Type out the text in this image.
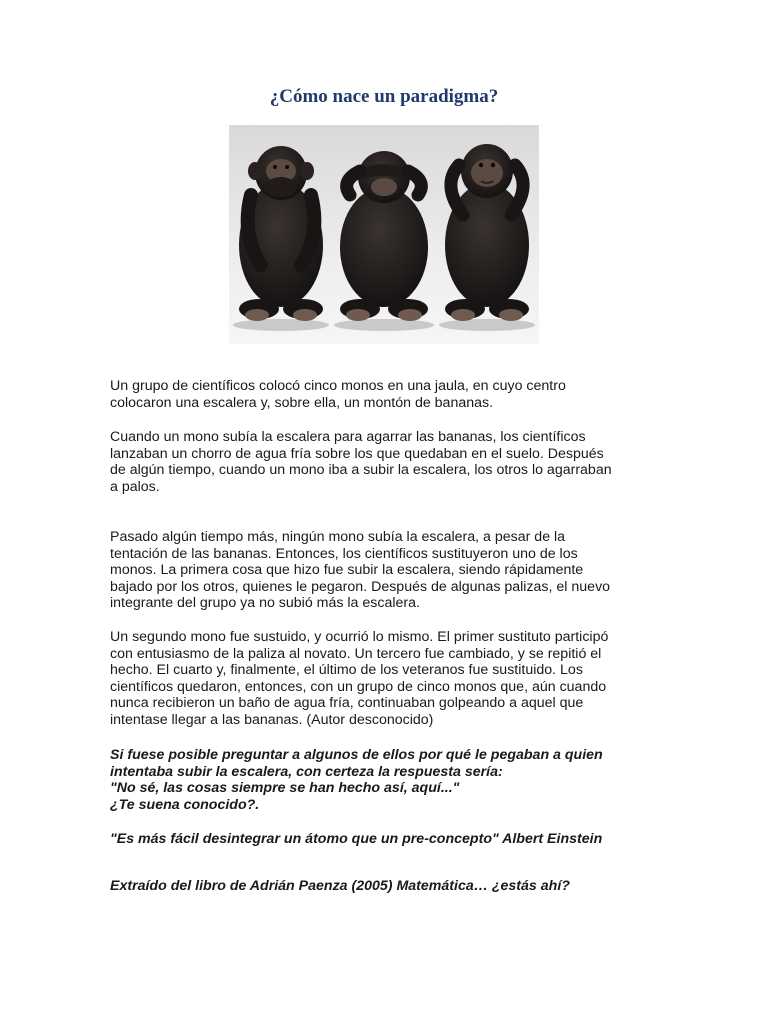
¿Cómo nace un paradigma?

Un grupo de científicos colocó cinco monos en una jaula, en cuyo centro
colocaron una escalera y, sobre ella, un montón de bananas.

Cuando un mono subía la escalera para agarrar las bananas, los científicos
lanzaban un chorro de agua fría sobre los que quedaban en el suelo. Después
de algún tiempo, cuando un mono iba a subir la escalera, los otros lo agarraban
a palos.

Pasado algún tiempo más, ningún mono subía la escalera, a pesar de la
tentación de las bananas. Entonces, los científicos sustituyeron uno de los
monos. La primera cosa que hizo fue subir la escalera, siendo rápidamente
bajado por los otros, quienes le pegaron. Después de algunas palizas, el nuevo
integrante del grupo ya no subió más la escalera.

Un segundo mono fue sustuido, y ocurrió lo mismo. El primer sustituto participó
con entusiasmo de la paliza al novato. Un tercero fue cambiado, y se repitió el
hecho. El cuarto y, finalmente, el último de los veteranos fue sustituido. Los
científicos quedaron, entonces, con un grupo de cinco monos que, aún cuando
nunca recibieron un baño de agua fría, continuaban golpeando a aquel que
intentase llegar a las bananas. (Autor desconocido)

Si fuese posible preguntar a algunos de ellos por qué le pegaban a quien
intentaba subir la escalera, con certeza la respuesta sería:
"No sé, las cosas siempre se han hecho así, aquí..."
¿Te suena conocido?.

"Es más fácil desintegrar un átomo que un pre-concepto" Albert Einstein

Extraído del libro de Adrián Paenza (2005) Matemática… ¿estás ahí?
